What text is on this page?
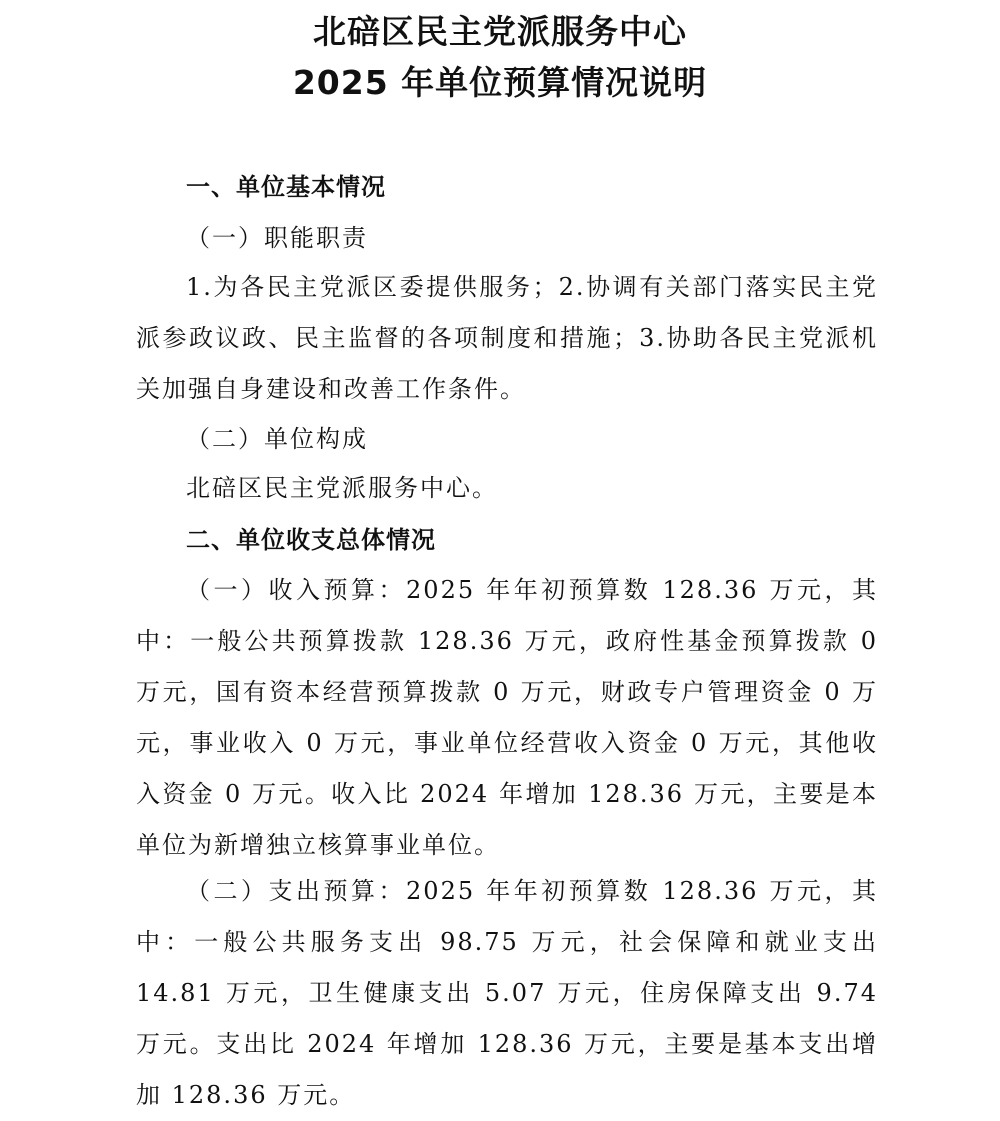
北碚区民主党派服务中心
2025 年单位预算情况说明
一、单位基本情况

（一）职能职责

1.为各民主党派区委提供服务；2.协调有关部门落实民主党派参政议政、民主监督的各项制度和措施；3.协助各民主党派机关加强自身建设和改善工作条件。

（二）单位构成

北碚区民主党派服务中心。

二、单位收支总体情况

（一）收入预算：2025 年年初预算数 128.36 万元，其中：一般公共预算拨款 128.36 万元，政府性基金预算拨款 0 万元，国有资本经营预算拨款 0 万元，财政专户管理资金 0 万元，事业收入 0 万元，事业单位经营收入资金 0 万元，其他收入资金 0 万元。收入比 2024 年增加 128.36 万元，主要是本单位为新增独立核算事业单位。

（二）支出预算：2025 年年初预算数 128.36 万元，其中：一般公共服务支出 98.75 万元，社会保障和就业支出 14.81 万元，卫生健康支出 5.07 万元，住房保障支出 9.74 万元。支出比 2024 年增加 128.36 万元，主要是基本支出增加 128.36 万元。
